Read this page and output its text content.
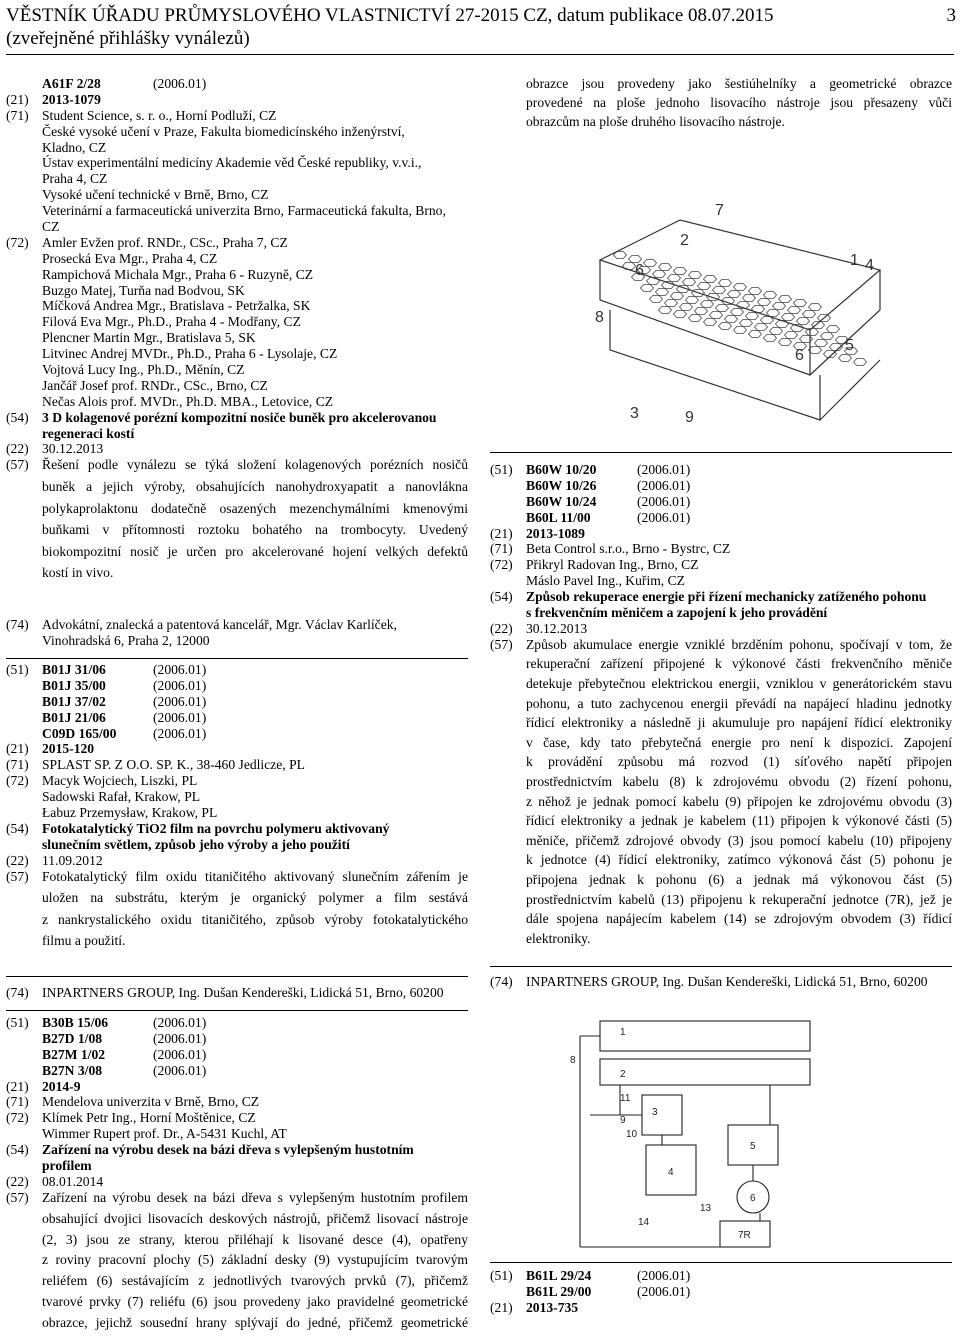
VĚSTNÍK ÚŘADU PRŮMYSLOVÉHO VLASTNICTVÍ 27-2015 CZ, datum publikace 08.07.2015
(zveřejněné přihlášky vynálezů)
3
A61F 2/28	(2006.01)
(21) 2013-1079
(71) Student Science, s. r. o., Horní Podluží, CZ
České vysoké učení v Praze, Fakulta biomedicínského inženýrství,
Kladno, CZ
Ústav experimentální medicíny Akademie věd České republiky, v.v.i.,
Praha 4, CZ
Vysoké učení technické v Brně, Brno, CZ
Veterinární a farmaceutická univerzita Brno, Farmaceutická fakulta, Brno,
CZ
(72) Amler Evžen prof. RNDr., CSc., Praha 7, CZ
Prosecká Eva Mgr., Praha 4, CZ
Rampichová Michala Mgr., Praha 6 - Ruzyně, CZ
Buzgo Matej, Turňa nad Bodvou, SK
Míčková Andrea Mgr., Bratislava - Petržalka, SK
Filová Eva Mgr., Ph.D., Praha 4 - Modřany, CZ
Plencner Martin Mgr., Bratislava 5, SK
Litvinec Andrej MVDr., Ph.D., Praha 6 - Lysolaje, CZ
Vojtová Lucy Ing., Ph.D., Měnín, CZ
Jančář Josef prof. RNDr., CSc., Brno, CZ
Nečas Alois prof. MVDr., Ph.D. MBA., Letovice, CZ
(54) 3 D kolagenové porézní kompozitní nosiče buněk pro akcelerovanou
regeneraci kostí
(22) 30.12.2013
(57) Řešení podle vynálezu se týká složení kolagenových porézních nosičů
buněk a jejich výroby, obsahujících nanohydroxyapatit a nanovlákna
polykaprolaktonu dodatečně osazených mezenchymálními kmenovými
buňkami v přítomnosti roztoku bohatého na trombocyty. Uvedený
biokompozitní nosič je určen pro akcelerované hojení velkých defektů
kostí in vivo.
(74) Advokátní, znalecká a patentová kancelář, Mgr. Václav Karlíček,
Vinohradská 6, Praha 2, 12000
(51) B01J 31/06	(2006.01)
B01J 35/00	(2006.01)
B01J 37/02	(2006.01)
B01J 21/06	(2006.01)
C09D 165/00	(2006.01)
(21) 2015-120
(71) SPLAST SP. Z O.O. SP. K., 38-460 Jedlicze, PL
(72) Macyk Wojciech, Liszki, PL
Sadowski Rafał, Krakow, PL
Łabuz Przemysław, Krakow, PL
(54) Fotokatalytický TiO2 film na povrchu polymeru aktivovaný
slunečním světlem, způsob jeho výroby a jeho použití
(22) 11.09.2012
(57) Fotokatalytický film oxidu titaničitého aktivovaný slunečním zářením je
uložen na substrátu, kterým je organický polymer a film sestává
z nankrystalického oxidu titaničitého, způsob výroby fotokatalytického
filmu a použití.
(74) INPARTNERS GROUP, Ing. Dušan Kendereški, Lidická 51, Brno, 60200
(51) B30B 15/06	(2006.01)
B27D 1/08	(2006.01)
B27M 1/02	(2006.01)
B27N 3/08	(2006.01)
(21) 2014-9
(71) Mendelova univerzita v Brně, Brno, CZ
(72) Klímek Petr Ing., Horní Moštěnice, CZ
Wimmer Rupert prof. Dr., A-5431 Kuchl, AT
(54) Zařízení na výrobu desek na bázi dřeva s vylepšeným hustotním
profilem
(22) 08.01.2014
(57) Zařízení na výrobu desek na bázi dřeva s vylepšeným hustotním profilem
obsahující dvojici lisovacích deskových nástrojů, přičemž lisovací nástroje
(2, 3) jsou ze strany, kterou přiléhají k lisované desce (4), opatřeny
z roviny pracovní plochy (5) základní desky (9) vystupujícím tvarovým
reliéfem (6) sestávajícím z jednotlivých tvarových prvků (7), přičemž
tvarové prvky (7) reliéfu (6) jsou provedeny jako pravidelné geometrické
obrazce, jejichž sousední hrany splývají do jedné, přičemž geometrické
obrazce jsou provedeny jako šestiúhelníky a geometrické obrazce
provedené na ploše jednoho lisovacího nástroje jsou přesazeny vůči
obrazcům na ploše druhého lisovacího nástroje.
7
2
1 4
6
5
8
6
3	9
(51) B60W 10/20	(2006.01)
B60W 10/26	(2006.01)
B60W 10/24	(2006.01)
B60L 11/00	(2006.01)
(21) 2013-1089
(71) Beta Control s.r.o., Brno - Bystrc, CZ
(72) Přikryl Radovan Ing., Brno, CZ
Máslo Pavel Ing., Kuřim, CZ
(54) Způsob rekuperace energie při řízení mechanicky zatíženého pohonu
s frekvenčním měničem a zapojení k jeho provádění
(22) 30.12.2013
(57) Způsob akumulace energie vzniklé brzděním pohonu, spočívají v tom, že
rekuperační zařízení připojené k výkonové části frekvenčního měniče
detekuje přebytečnou elektrickou energii, vzniklou v generátorickém stavu
pohonu, a tuto zachycenou energii převádí na napájecí hladinu jednotky
řídicí elektroniky a následně ji akumuluje pro napájení řídicí elektroniky
v čase, kdy tato přebytečná energie pro není k dispozici. Zapojení
k provádění způsobu má rozvod (1) síťového napětí připojen
prostřednictvím kabelu (8) k zdrojovému obvodu (2) řízení pohonu,
z něhož je jednak pomocí kabelu (9) připojen ke zdrojovému obvodu (3)
řídicí elektroniky a jednak je kabelem (11) připojen k výkonové části (5)
měniče, přičemž zdrojové obvody (3) jsou pomocí kabelu (10) připojeny
k jednotce (4) řídicí elektroniky, zatímco výkonová část (5) pohonu je
připojena jednak k pohonu (6) a jednak má výkonovou část (5)
prostřednictvím kabelů (13) připojenu k rekuperační jednotce (7R), jež je
dále spojena napájecím kabelem (14) se zdrojovým obvodem (3) řídicí
elektroniky.
(74) INPARTNERS GROUP, Ing. Dušan Kendereški, Lidická 51, Brno, 60200
1
8
2
9
11
3
10
4
5
6
13
14
7R
(51) B61L 29/24	(2006.01)
B61L 29/00	(2006.01)
(21) 2013-735
